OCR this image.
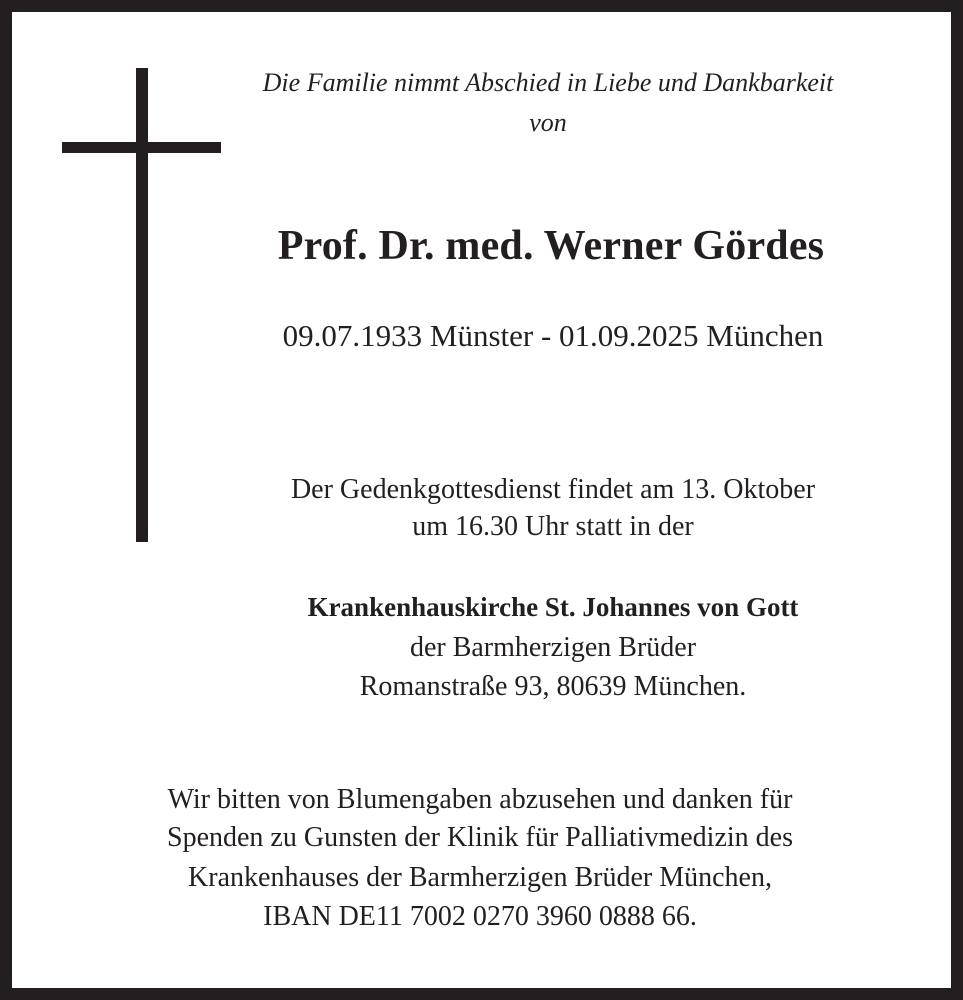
Die Familie nimmt Abschied in Liebe und Dankbarkeit
von
Prof. Dr. med. Werner Gördes
09.07.1933 Münster - 01.09.2025 München
Der Gedenkgottesdienst findet am 13. Oktober
um 16.30 Uhr statt in der
Krankenhauskirche St. Johannes von Gott
der Barmherzigen Brüder
Romanstraße 93, 80639 München.
Wir bitten von Blumengaben abzusehen und danken für
Spenden zu Gunsten der Klinik für Palliativmedizin des
Krankenhauses der Barmherzigen Brüder München,
IBAN DE11 7002 0270 3960 0888 66.
